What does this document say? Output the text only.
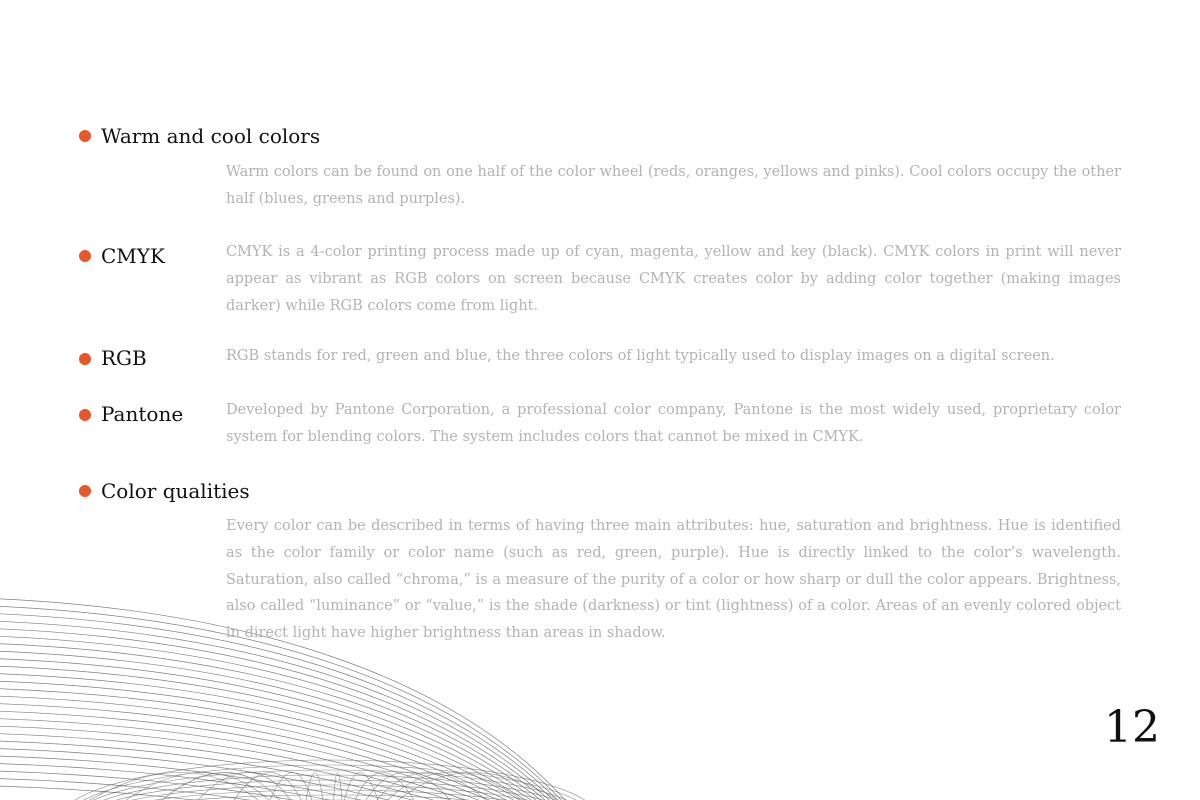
Warm and cool colors

Warm colors can be found on one half of the color wheel (reds, oranges, yellows and pinks). Cool colors occupy the other half (blues, greens and purples).

CMYK	CMYK is a 4-color printing process made up of cyan, magenta, yellow and key (black). CMYK colors in print will never appear as vibrant as RGB colors on screen because CMYK creates color by adding color together (making images darker) while RGB colors come from light.

RGB	RGB stands for red, green and blue, the three colors of light typically used to display images on a digital screen.

Pantone	Developed by Pantone Corporation, a professional color company, Pantone is the most widely used, proprietary color system for blending colors. The system includes colors that cannot be mixed in CMYK.

Color qualities

Every color can be described in terms of having three main attributes: hue, saturation and brightness. Hue is identified as the color family or color name (such as red, green, purple). Hue is directly linked to the color’s wavelength. Saturation, also called “chroma,” is a measure of the purity of a color or how sharp or dull the color appears. Brightness, also called “luminance” or “value,” is the shade (darkness) or tint (lightness) of a color. Areas of an evenly colored object in direct light have higher brightness than areas in shadow.

12
